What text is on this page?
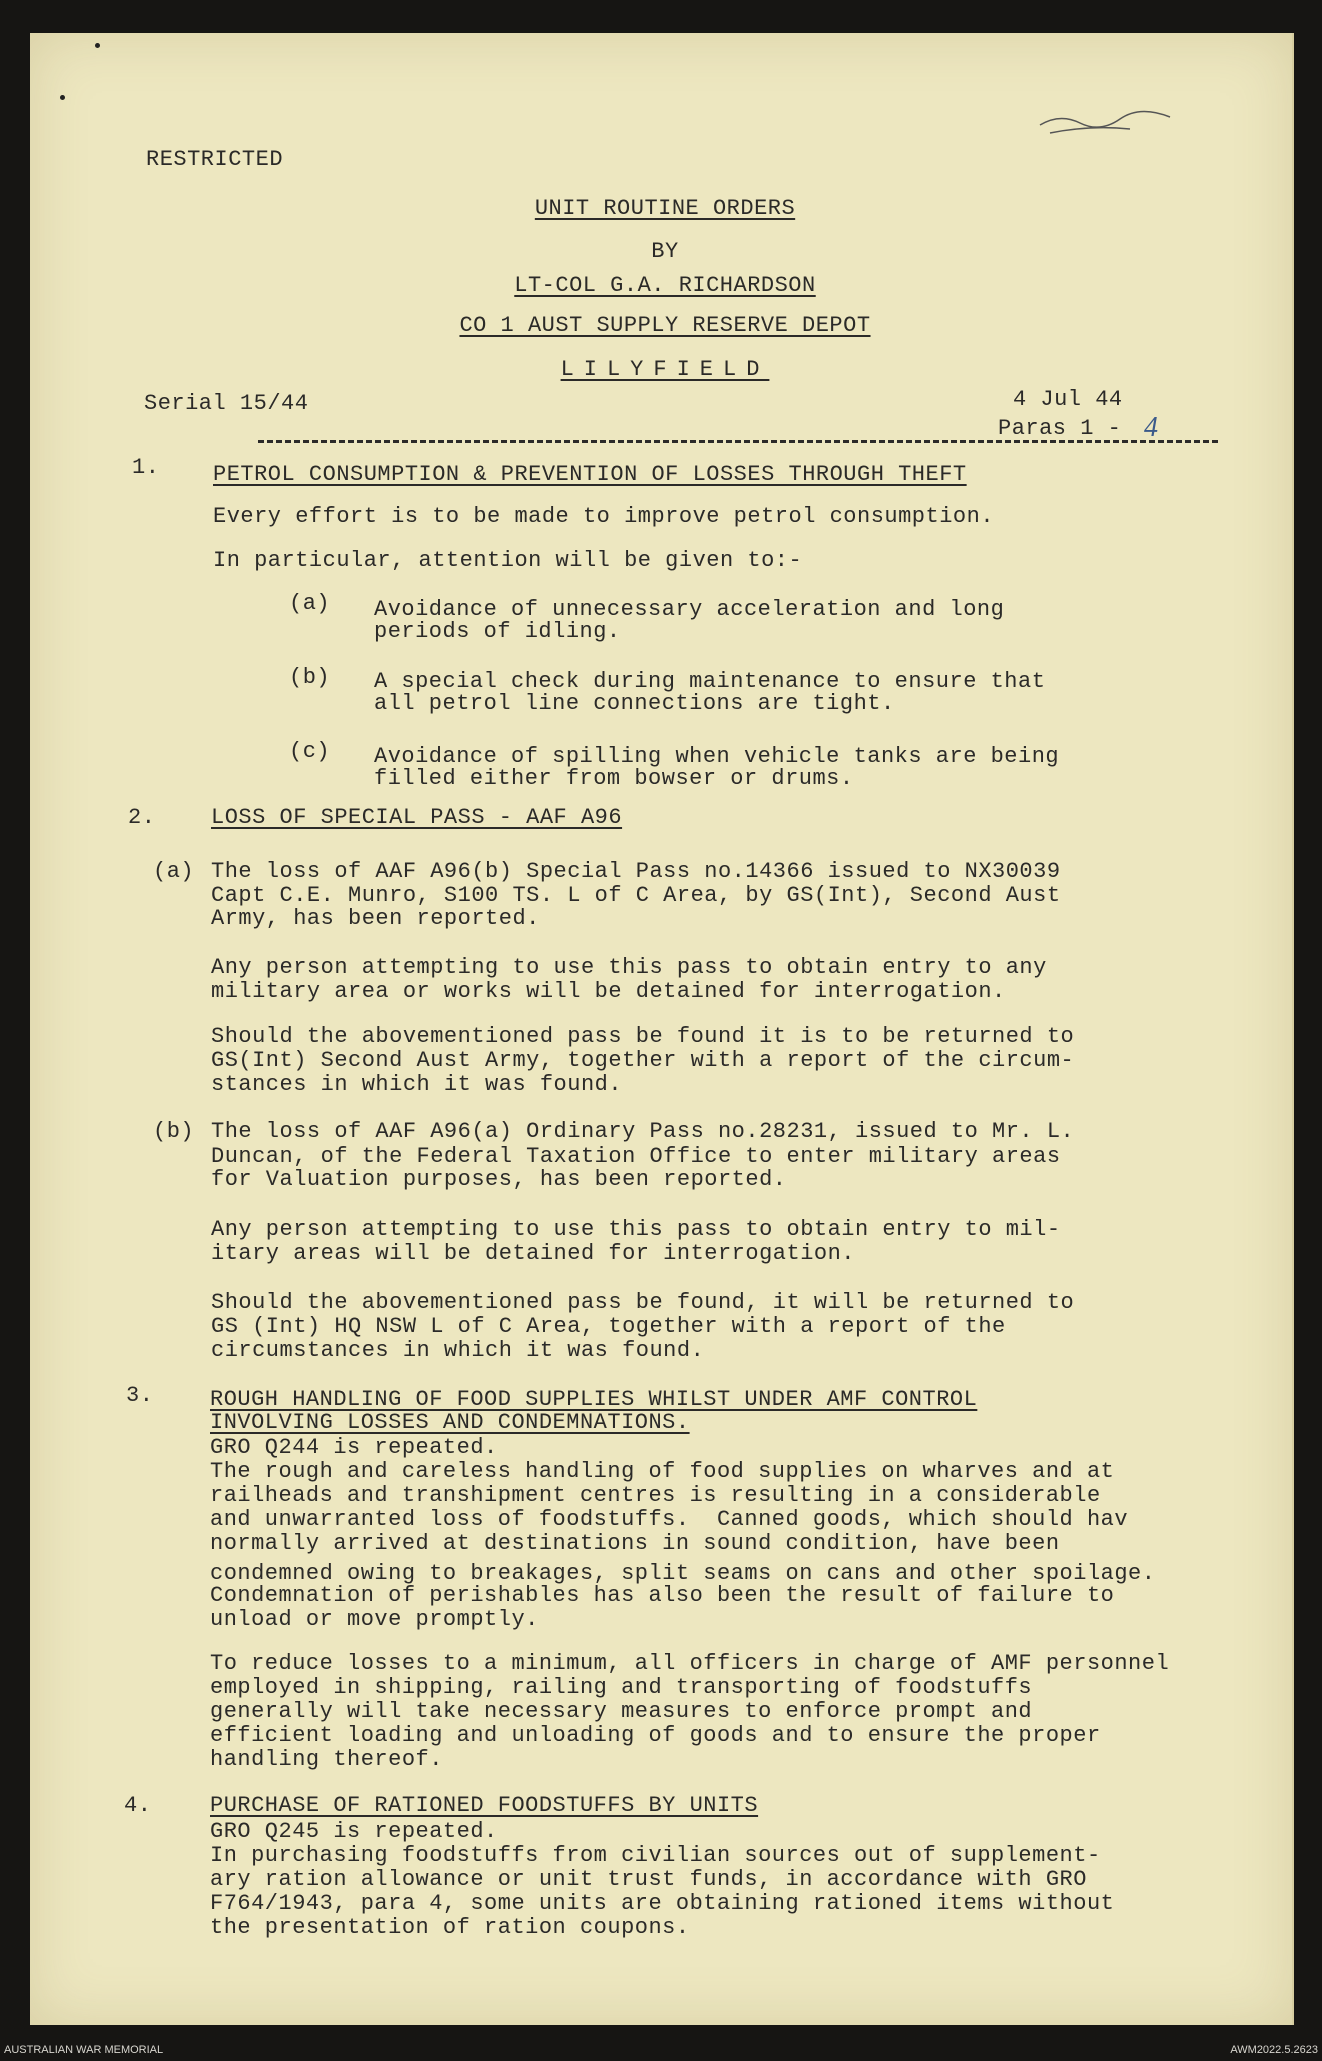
RESTRICTED
UNIT ROUTINE ORDERS
BY
LT-COL G.A. RICHARDSON
CO 1 AUST SUPPLY RESERVE DEPOT
LILYFIELD
Serial 15/44	4 Jul 44
Paras 1 - 4
1. PETROL CONSUMPTION & PREVENTION OF LOSSES THROUGH THEFT
Every effort is to be made to improve petrol consumption.
In particular, attention will be given to:-
(a) Avoidance of unnecessary acceleration and long
periods of idling.
(b) A special check during maintenance to ensure that
all petrol line connections are tight.
(c) Avoidance of spilling when vehicle tanks are being
filled either from bowser or drums.
2.	LOSS OF SPECIAL PASS - AAF A96
(a) The loss of AAF A96(b) Special Pass no.14366 issued to NX30039
Capt C.E. Munro, S100 TS. L of C Area, by GS(Int), Second Aust
Army, has been reported.
Any person attempting to use this pass to obtain entry to any
military area or works will be detained for interrogation.
Should the abovementioned pass be found it is to be returned to
GS(Int) Second Aust Army, together with a report of the circum-
stances in which it was found.
(b) The loss of AAF A96(a) Ordinary Pass no.28231, issued to Mr. L.
Duncan, of the Federal Taxation Office to enter military areas
for Valuation purposes, has been reported.
Any person attempting to use this pass to obtain entry to mil-
itary areas will be detained for interrogation.
Should the abovementioned pass be found, it will be returned to
GS (Int) HQ NSW L of C Area, together with a report of the
circumstances in which it was found.
3.	ROUGH HANDLING OF FOOD SUPPLIES WHILST UNDER AMF CONTROL
INVOLVING LOSSES AND CONDEMNATIONS.
GRO Q244 is repeated.
The rough and careless handling of food supplies on wharves and at
railheads and transhipment centres is resulting in a considerable
and unwarranted loss of foodstuffs.  Canned goods, which should hav
normally arrived at destinations in sound condition, have been
condemned owing to breakages, split seams on cans and other spoilage.
Condemnation of perishables has also been the result of failure to
unload or move promptly.
To reduce losses to a minimum, all officers in charge of AMF personnel
employed in shipping, railing and transporting of foodstuffs
generally will take necessary measures to enforce prompt and
efficient loading and unloading of goods and to ensure the proper
handling thereof.
4.	PURCHASE OF RATIONED FOODSTUFFS BY UNITS
GRO Q245 is repeated.
In purchasing foodstuffs from civilian sources out of supplement-
ary ration allowance or unit trust funds, in accordance with GRO
F764/1943, para 4, some units are obtaining rationed items without
the presentation of ration coupons.
AUSTRALIAN WAR MEMORIAL	AWM2022.5.2623
